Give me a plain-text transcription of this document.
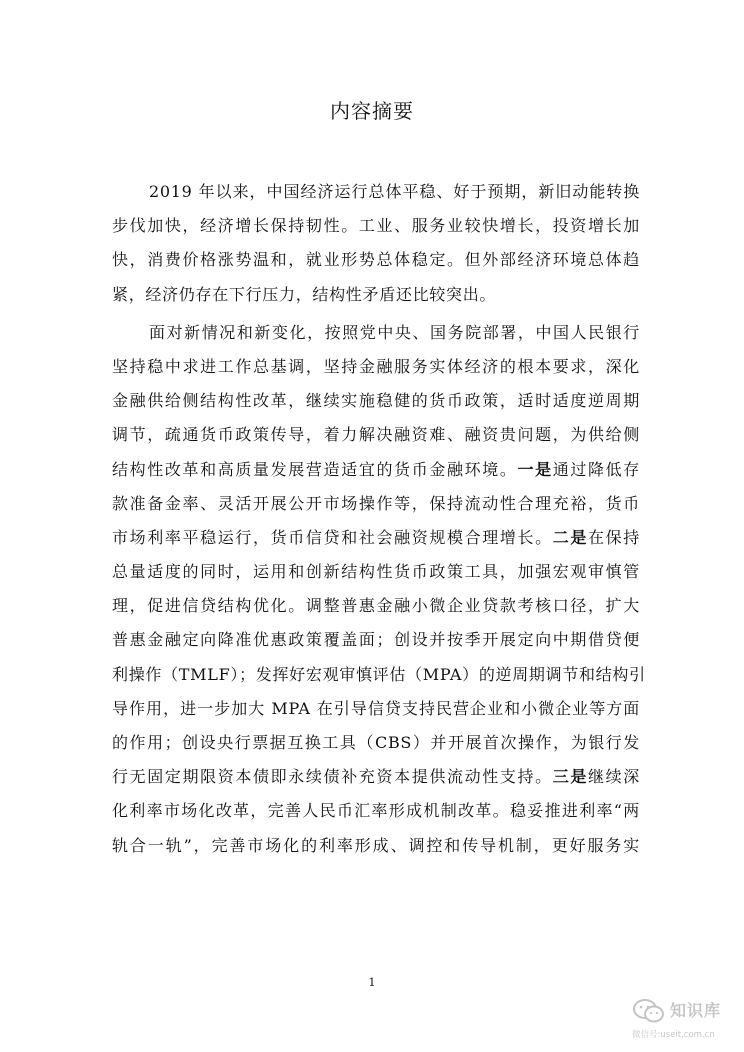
内容摘要
2019 年以来，中国经济运行总体平稳、好于预期，新旧动能转换
步伐加快，经济增长保持韧性。工业、服务业较快增长，投资增长加
快，消费价格涨势温和，就业形势总体稳定。但外部经济环境总体趋
紧，经济仍存在下行压力，结构性矛盾还比较突出。
面对新情况和新变化，按照党中央、国务院部署，中国人民银行
坚持稳中求进工作总基调，坚持金融服务实体经济的根本要求，深化
金融供给侧结构性改革，继续实施稳健的货币政策，适时适度逆周期
调节，疏通货币政策传导，着力解决融资难、融资贵问题，为供给侧
结构性改革和高质量发展营造适宜的货币金融环境。一是通过降低存
款准备金率、灵活开展公开市场操作等，保持流动性合理充裕，货币
市场利率平稳运行，货币信贷和社会融资规模合理增长。二是在保持
总量适度的同时，运用和创新结构性货币政策工具，加强宏观审慎管
理，促进信贷结构优化。调整普惠金融小微企业贷款考核口径，扩大
普惠金融定向降准优惠政策覆盖面；创设并按季开展定向中期借贷便
利操作（TMLF）；发挥好宏观审慎评估（MPA）的逆周期调节和结构引
导作用，进一步加大 MPA 在引导信贷支持民营企业和小微企业等方面
的作用；创设央行票据互换工具（CBS）并开展首次操作，为银行发
行无固定期限资本债即永续债补充资本提供流动性支持。三是继续深
化利率市场化改革，完善人民币汇率形成机制改革。稳妥推进利率“两
轨合一轨”，完善市场化的利率形成、调控和传导机制，更好服务实
1
知识库
微信号:useit.com.cn
